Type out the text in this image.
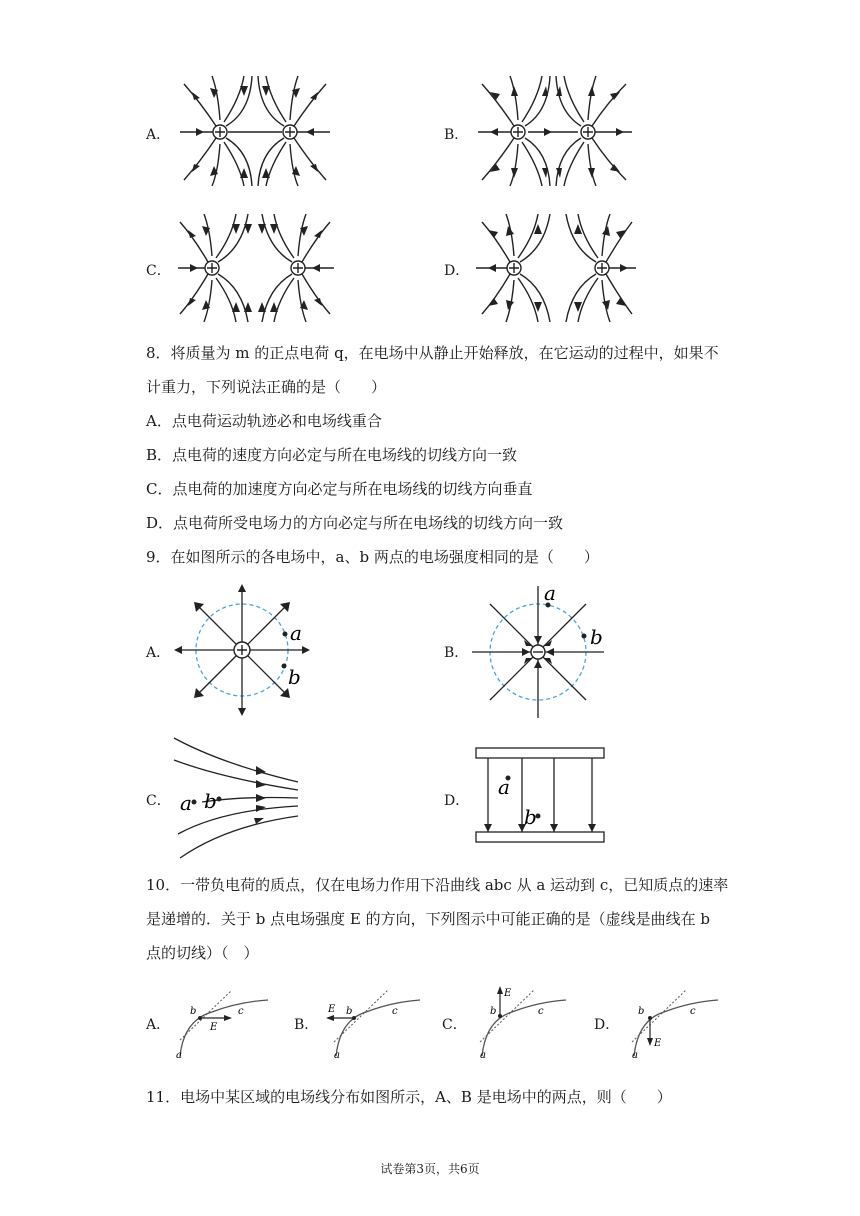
A．	B．
C．	D．
8．将质量为 m 的正点电荷 q，在电场中从静止开始释放，在它运动的过程中，如果不
计重力，下列说法正确的是（　　）
A．点电荷运动轨迹必和电场线重合
B．点电荷的速度方向必定与所在电场线的切线方向一致
C．点电荷的加速度方向必定与所在电场线的切线方向垂直
D．点电荷所受电场力的方向必定与所在电场线的切线方向一致
9．在如图所示的各电场中，a、b 两点的电场强度相同的是（　　）
A．	B．
C．	D．
a
b
a
b
a b
a
b
10．一带负电荷的质点，仅在电场力作用下沿曲线 abc 从 a 运动到 c，已知质点的速率
是递增的．关于 b 点电场强度 E 的方向，下列图示中可能正确的是（虚线是曲线在 b
点的切线）（　）
A．	B．	C．	D．
a
b	c
E
a
b	c
E
a
b	c
E
a
b	c
E
11．电场中某区域的电场线分布如图所示，A、B 是电场中的两点，则（　　）
试卷第3页，共6页
